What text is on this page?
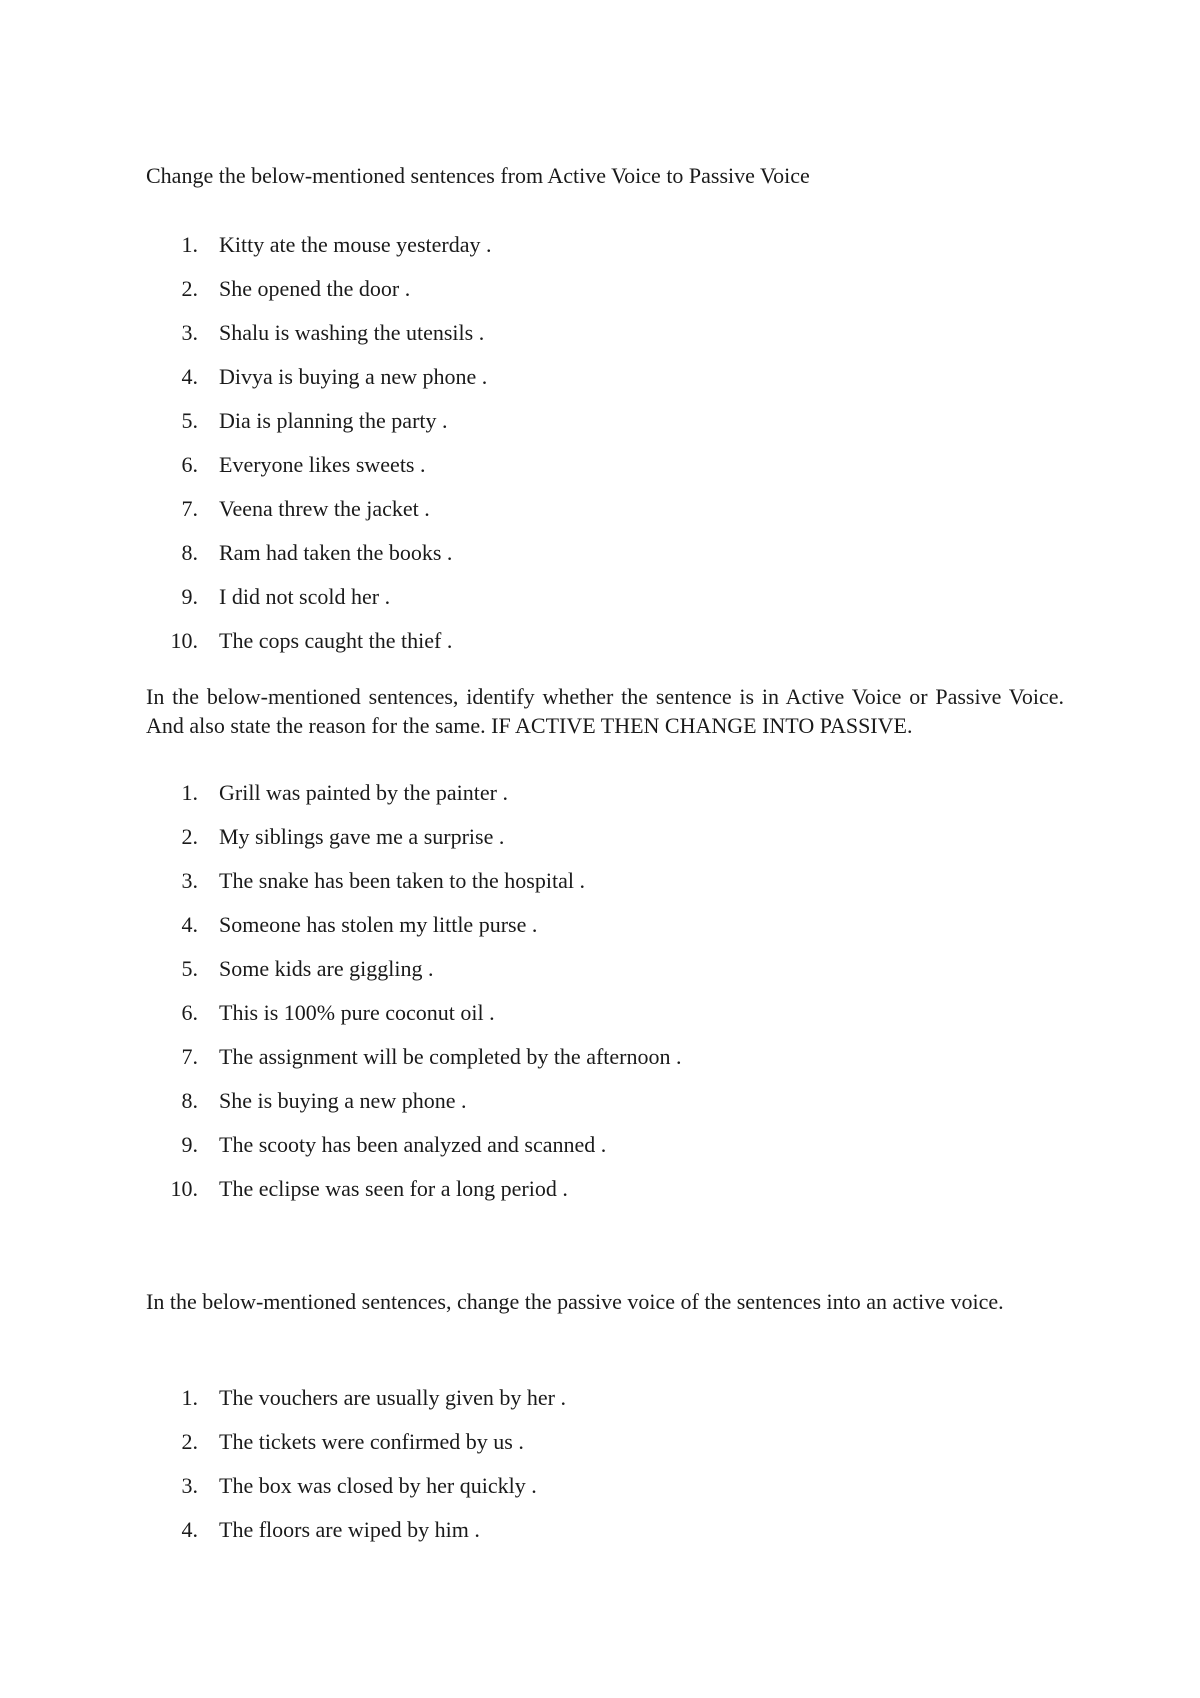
Change the below-mentioned sentences from Active Voice to Passive Voice

1. Kitty ate the mouse yesterday .
2. She opened the door .
3. Shalu is washing the utensils .
4. Divya is buying a new phone .
5. Dia is planning the party .
6. Everyone likes sweets .
7. Veena threw the jacket .
8. Ram had taken the books .
9. I did not scold her .
10. The cops caught the thief .

In the below-mentioned sentences, identify whether the sentence is in Active Voice or Passive Voice. And also state the reason for the same. IF ACTIVE THEN CHANGE INTO PASSIVE.

1. Grill was painted by the painter .
2. My siblings gave me a surprise .
3. The snake has been taken to the hospital .
4. Someone has stolen my little purse .
5. Some kids are giggling .
6. This is 100% pure coconut oil .
7. The assignment will be completed by the afternoon .
8. She is buying a new phone .
9. The scooty has been analyzed and scanned .
10. The eclipse was seen for a long period .

In the below-mentioned sentences, change the passive voice of the sentences into an active voice.

1. The vouchers are usually given by her .
2. The tickets were confirmed by us .
3. The box was closed by her quickly .
4. The floors are wiped by him .
